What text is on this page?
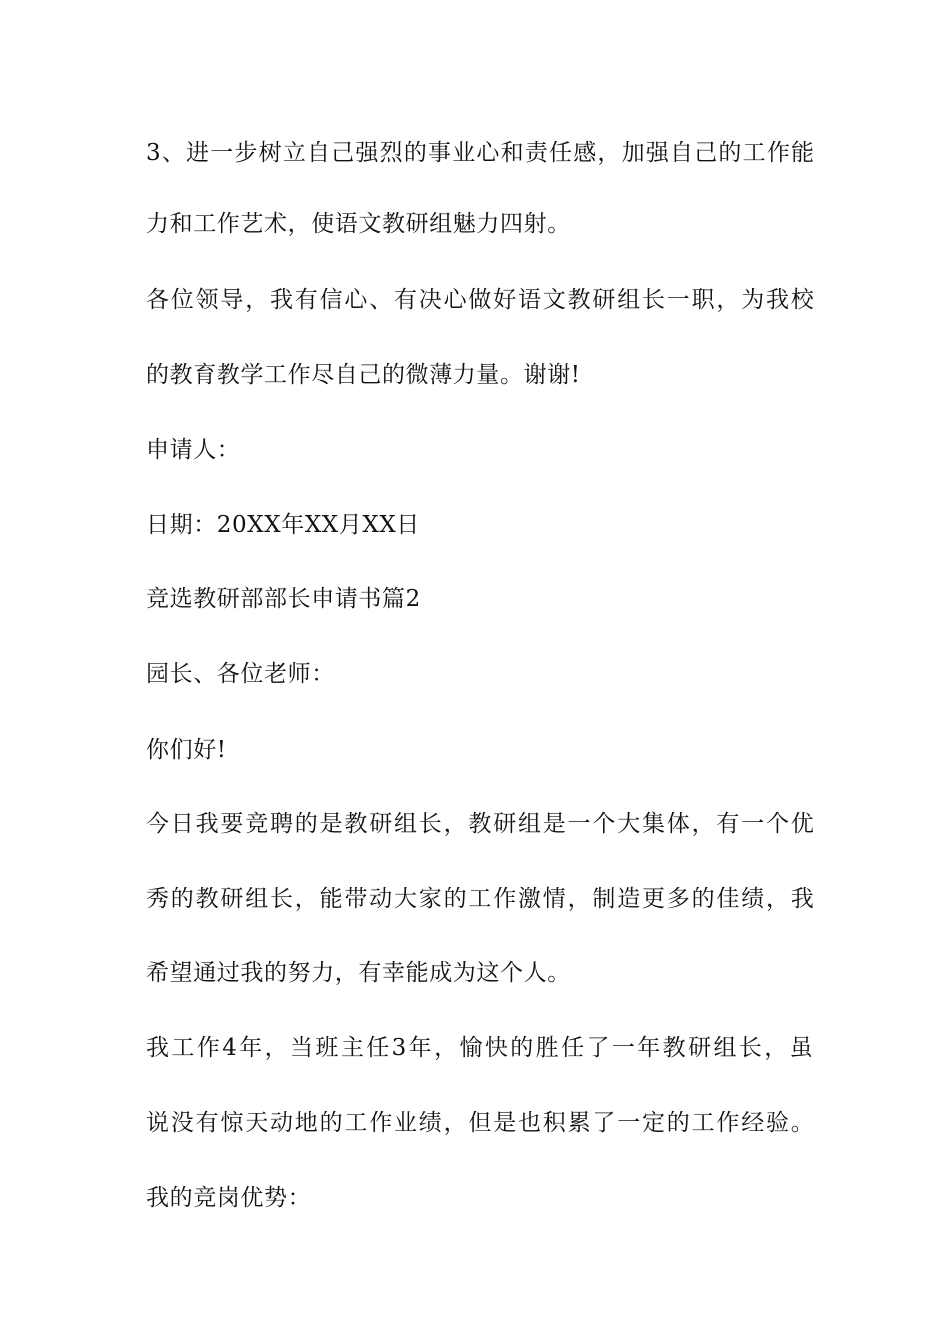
3、进一步树立自己强烈的事业心和责任感，加强自己的工作能
力和工作艺术，使语文教研组魅力四射。
各位领导，我有信心、有决心做好语文教研组长一职，为我校
的教育教学工作尽自己的微薄力量。谢谢!
申请人：
日期：20XX年XX月XX日
竞选教研部部长申请书篇2
园长、各位老师：
你们好!
今日我要竞聘的是教研组长，教研组是一个大集体，有一个优
秀的教研组长，能带动大家的工作激情，制造更多的佳绩，我
希望通过我的努力，有幸能成为这个人。
我工作4年，当班主任3年，愉快的胜任了一年教研组长，虽
说没有惊天动地的工作业绩，但是也积累了一定的工作经验。
我的竞岗优势：
